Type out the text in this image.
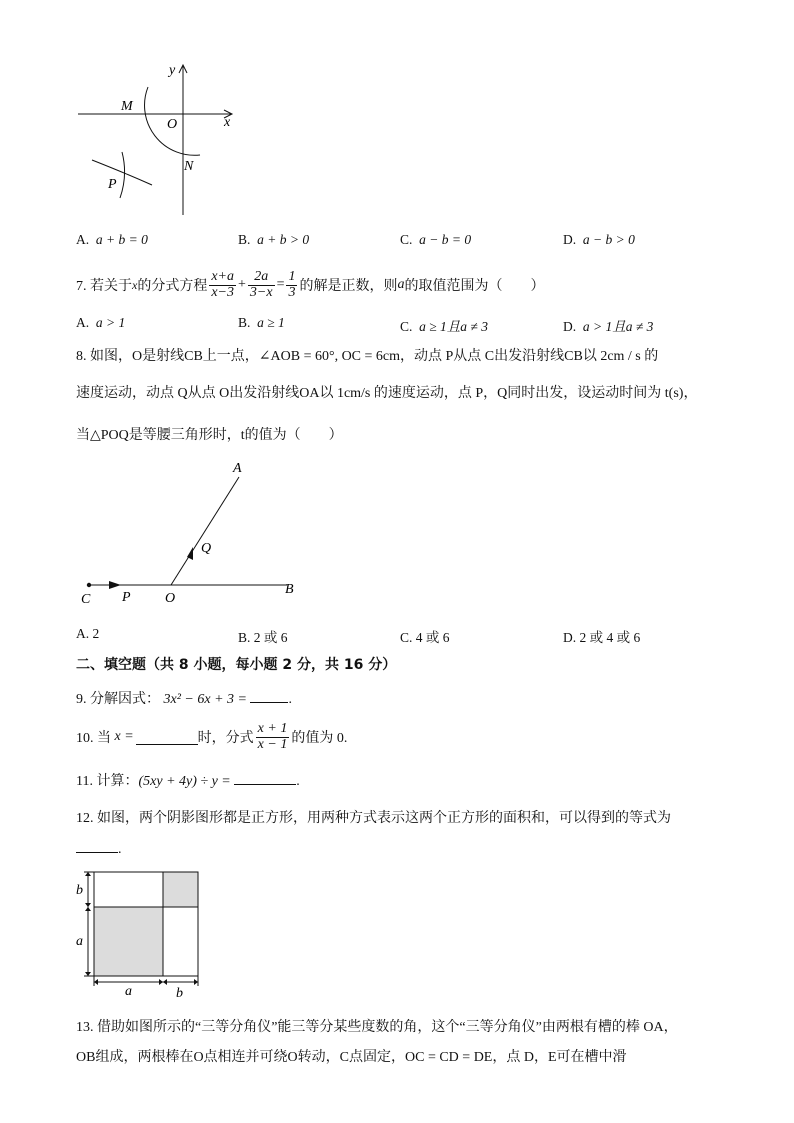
y
x
O
M
N
P
A. a + b = 0	B. a + b > 0	C. a − b = 0	D. a − b > 0
7. 若关于 x 的分式方程 $\frac{x+a}{x-3} + \frac{2a}{3-x} = \frac{1}{3}$ 的解是正数，则 a 的取值范围为（　　）
A. a > 1	B. a ≥ 1	C. a ≥ 1且a ≠ 3	D. a > 1且a ≠ 3
8. 如图，O是射线CB上一点，∠AOB = 60°, OC = 6cm，动点 P从点 C出发沿射线CB以 2cm / s 的
速度运动，动点 Q从点 O出发沿射线OA以 1cm/s 的速度运动，点 P，Q同时出发，设运动时间为 t(s)，
当△POQ是等腰三角形时，t的值为（　　）
A
Q
C P O
B
A. 2	B. 2 或 6	C. 4 或 6	D. 2 或 4 或 6
二、填空题（共 8 小题，每小题 2 分，共 16 分）
9. 分解因式： 3x² − 6x + 3 =	.
10. 当
x =	时，分式 $\frac{x + 1}{x - 1}$ 的值为 0.
11. 计算：(5xy + 4y) ÷ y =	.
12. 如图，两个阴影图形都是正方形，用两种方式表示这两个正方形的面积和，可以得到的等式为
.
b
a
a	b
13. 借助如图所示的“三等分角仪”能三等分某些度数的角，这个“三等分角仪”由两根有槽的棒 OA，
OB组成，两根棒在O点相连并可绕O转动，C点固定，OC = CD = DE，点 D，E可在槽中滑
